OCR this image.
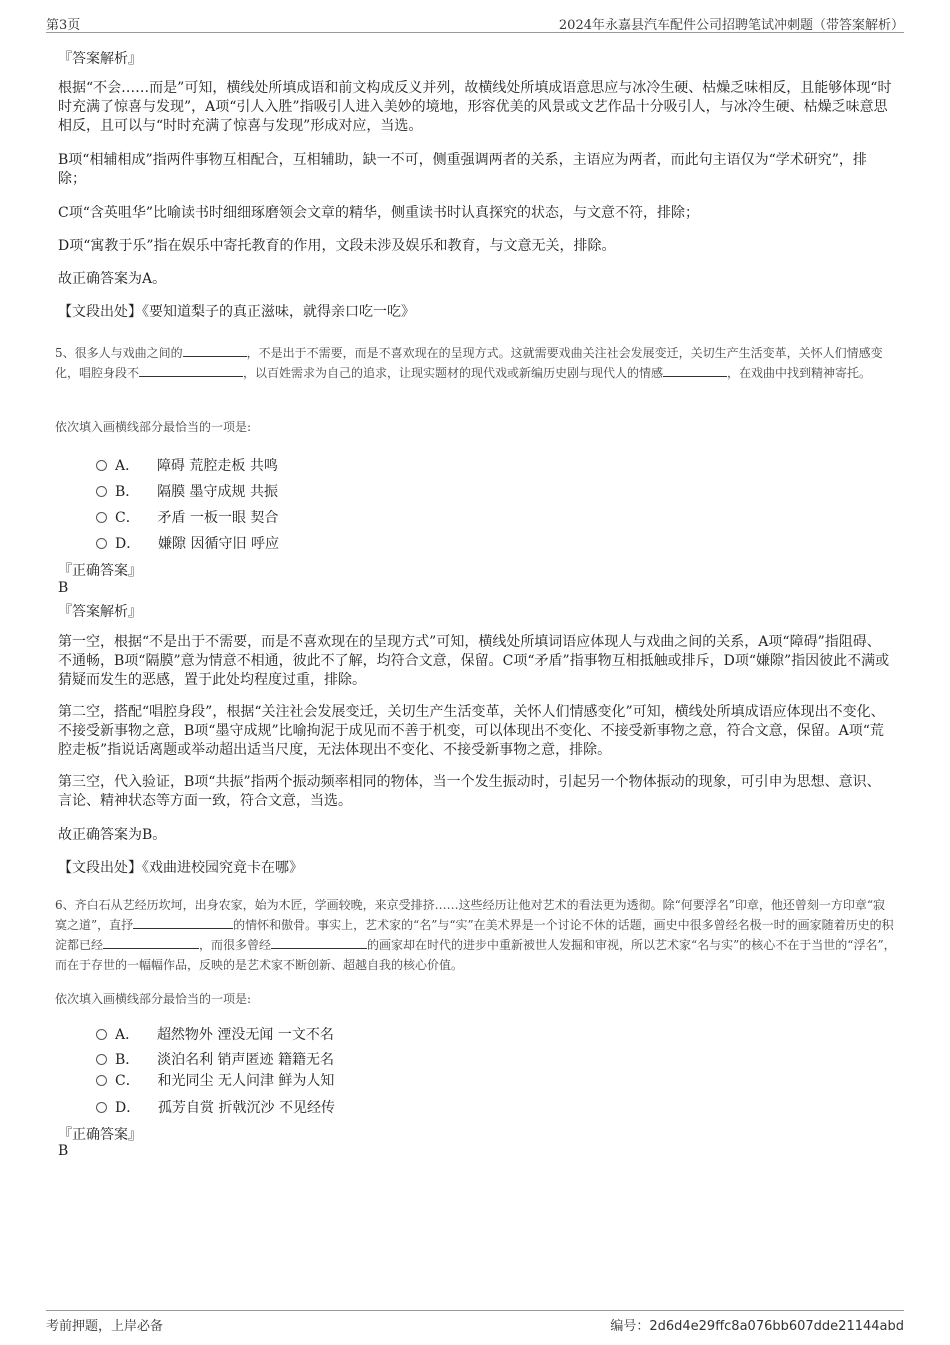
第3页	2024年永嘉县汽车配件公司招聘笔试冲刺题（带答案解析）
『答案解析』
根据“不会……而是”可知，横线处所填成语和前文构成反义并列，故横线处所填成语意思应与冰冷生硬、枯燥乏味相反，且能够体现“时时充满了惊喜与发现”，A项“引人入胜”指吸引人进入美妙的境地，形容优美的风景或文艺作品十分吸引人，与冰冷生硬、枯燥乏味意思相反，且可以与“时时充满了惊喜与发现”形成对应，当选。
B项“相辅相成”指两件事物互相配合，互相辅助，缺一不可，侧重强调两者的关系，主语应为两者，而此句主语仅为“学术研究”，排除；
C项“含英咀华”比喻读书时细细琢磨领会文章的精华，侧重读书时认真探究的状态，与文意不符，排除；
D项“寓教于乐”指在娱乐中寄托教育的作用，文段未涉及娱乐和教育，与文意无关，排除。
故正确答案为A。
【文段出处】《要知道梨子的真正滋味，就得亲口吃一吃》
5、很多人与戏曲之间的	，不是出于不需要，而是不喜欢现在的呈现方式。这就需要戏曲关注社会发展变迁，关切生产生活变革，关怀人们情感变化，唱腔身段不	，以百姓需求为自己的追求，让现实题材的现代戏或新编历史剧与现代人的情感	，在戏曲中找到精神寄托。
依次填入画横线部分最恰当的一项是:
A． 障碍 荒腔走板 共鸣
B． 隔膜 墨守成规 共振
C． 矛盾 一板一眼 契合
D． 嫌隙 因循守旧 呼应
『正确答案』
B
『答案解析』
第一空，根据“不是出于不需要，而是不喜欢现在的呈现方式”可知，横线处所填词语应体现人与戏曲之间的关系，A项“障碍”指阻碍、不通畅，B项“隔膜”意为情意不相通，彼此不了解，均符合文意，保留。C项“矛盾”指事物互相抵触或排斥，D项“嫌隙”指因彼此不满或猜疑而发生的恶感，置于此处均程度过重，排除。
第二空，搭配“唱腔身段”，根据“关注社会发展变迁，关切生产生活变革，关怀人们情感变化”可知，横线处所填成语应体现出不变化、不接受新事物之意，B项“墨守成规”比喻拘泥于成见而不善于机变，可以体现出不变化、不接受新事物之意，符合文意，保留。A项“荒腔走板”指说话离题或举动超出适当尺度，无法体现出不变化、不接受新事物之意，排除。
第三空，代入验证，B项“共振”指两个振动频率相同的物体，当一个发生振动时，引起另一个物体振动的现象，可引申为思想、意识、言论、精神状态等方面一致，符合文意，当选。
故正确答案为B。
【文段出处】《戏曲进校园究竟卡在哪》
6、齐白石从艺经历坎坷，出身农家，始为木匠，学画较晚，来京受排挤……这些经历让他对艺术的看法更为透彻。除“何要浮名”印章，他还曾刻一方印章“寂寞之道”，直抒	的情怀和傲骨。事实上，艺术家的“名”与“实”在美术界是一个讨论不休的话题，画史中很多曾经名极一时的画家随着历史的积淀都已经	，而很多曾经	的画家却在时代的进步中重新被世人发掘和审视，所以艺术家“名与实”的核心不在于当世的“浮名”，而在于存世的一幅幅作品，反映的是艺术家不断创新、超越自我的核心价值。
依次填入画横线部分最恰当的一项是:
A． 超然物外 湮没无闻 一文不名
B． 淡泊名利 销声匿迹 籍籍无名
C． 和光同尘 无人问津 鲜为人知
D． 孤芳自赏 折戟沉沙 不见经传
『正确答案』
B
考前押题，上岸必备	编号：2d6d4e29ffc8a076bb607dde21144abd
